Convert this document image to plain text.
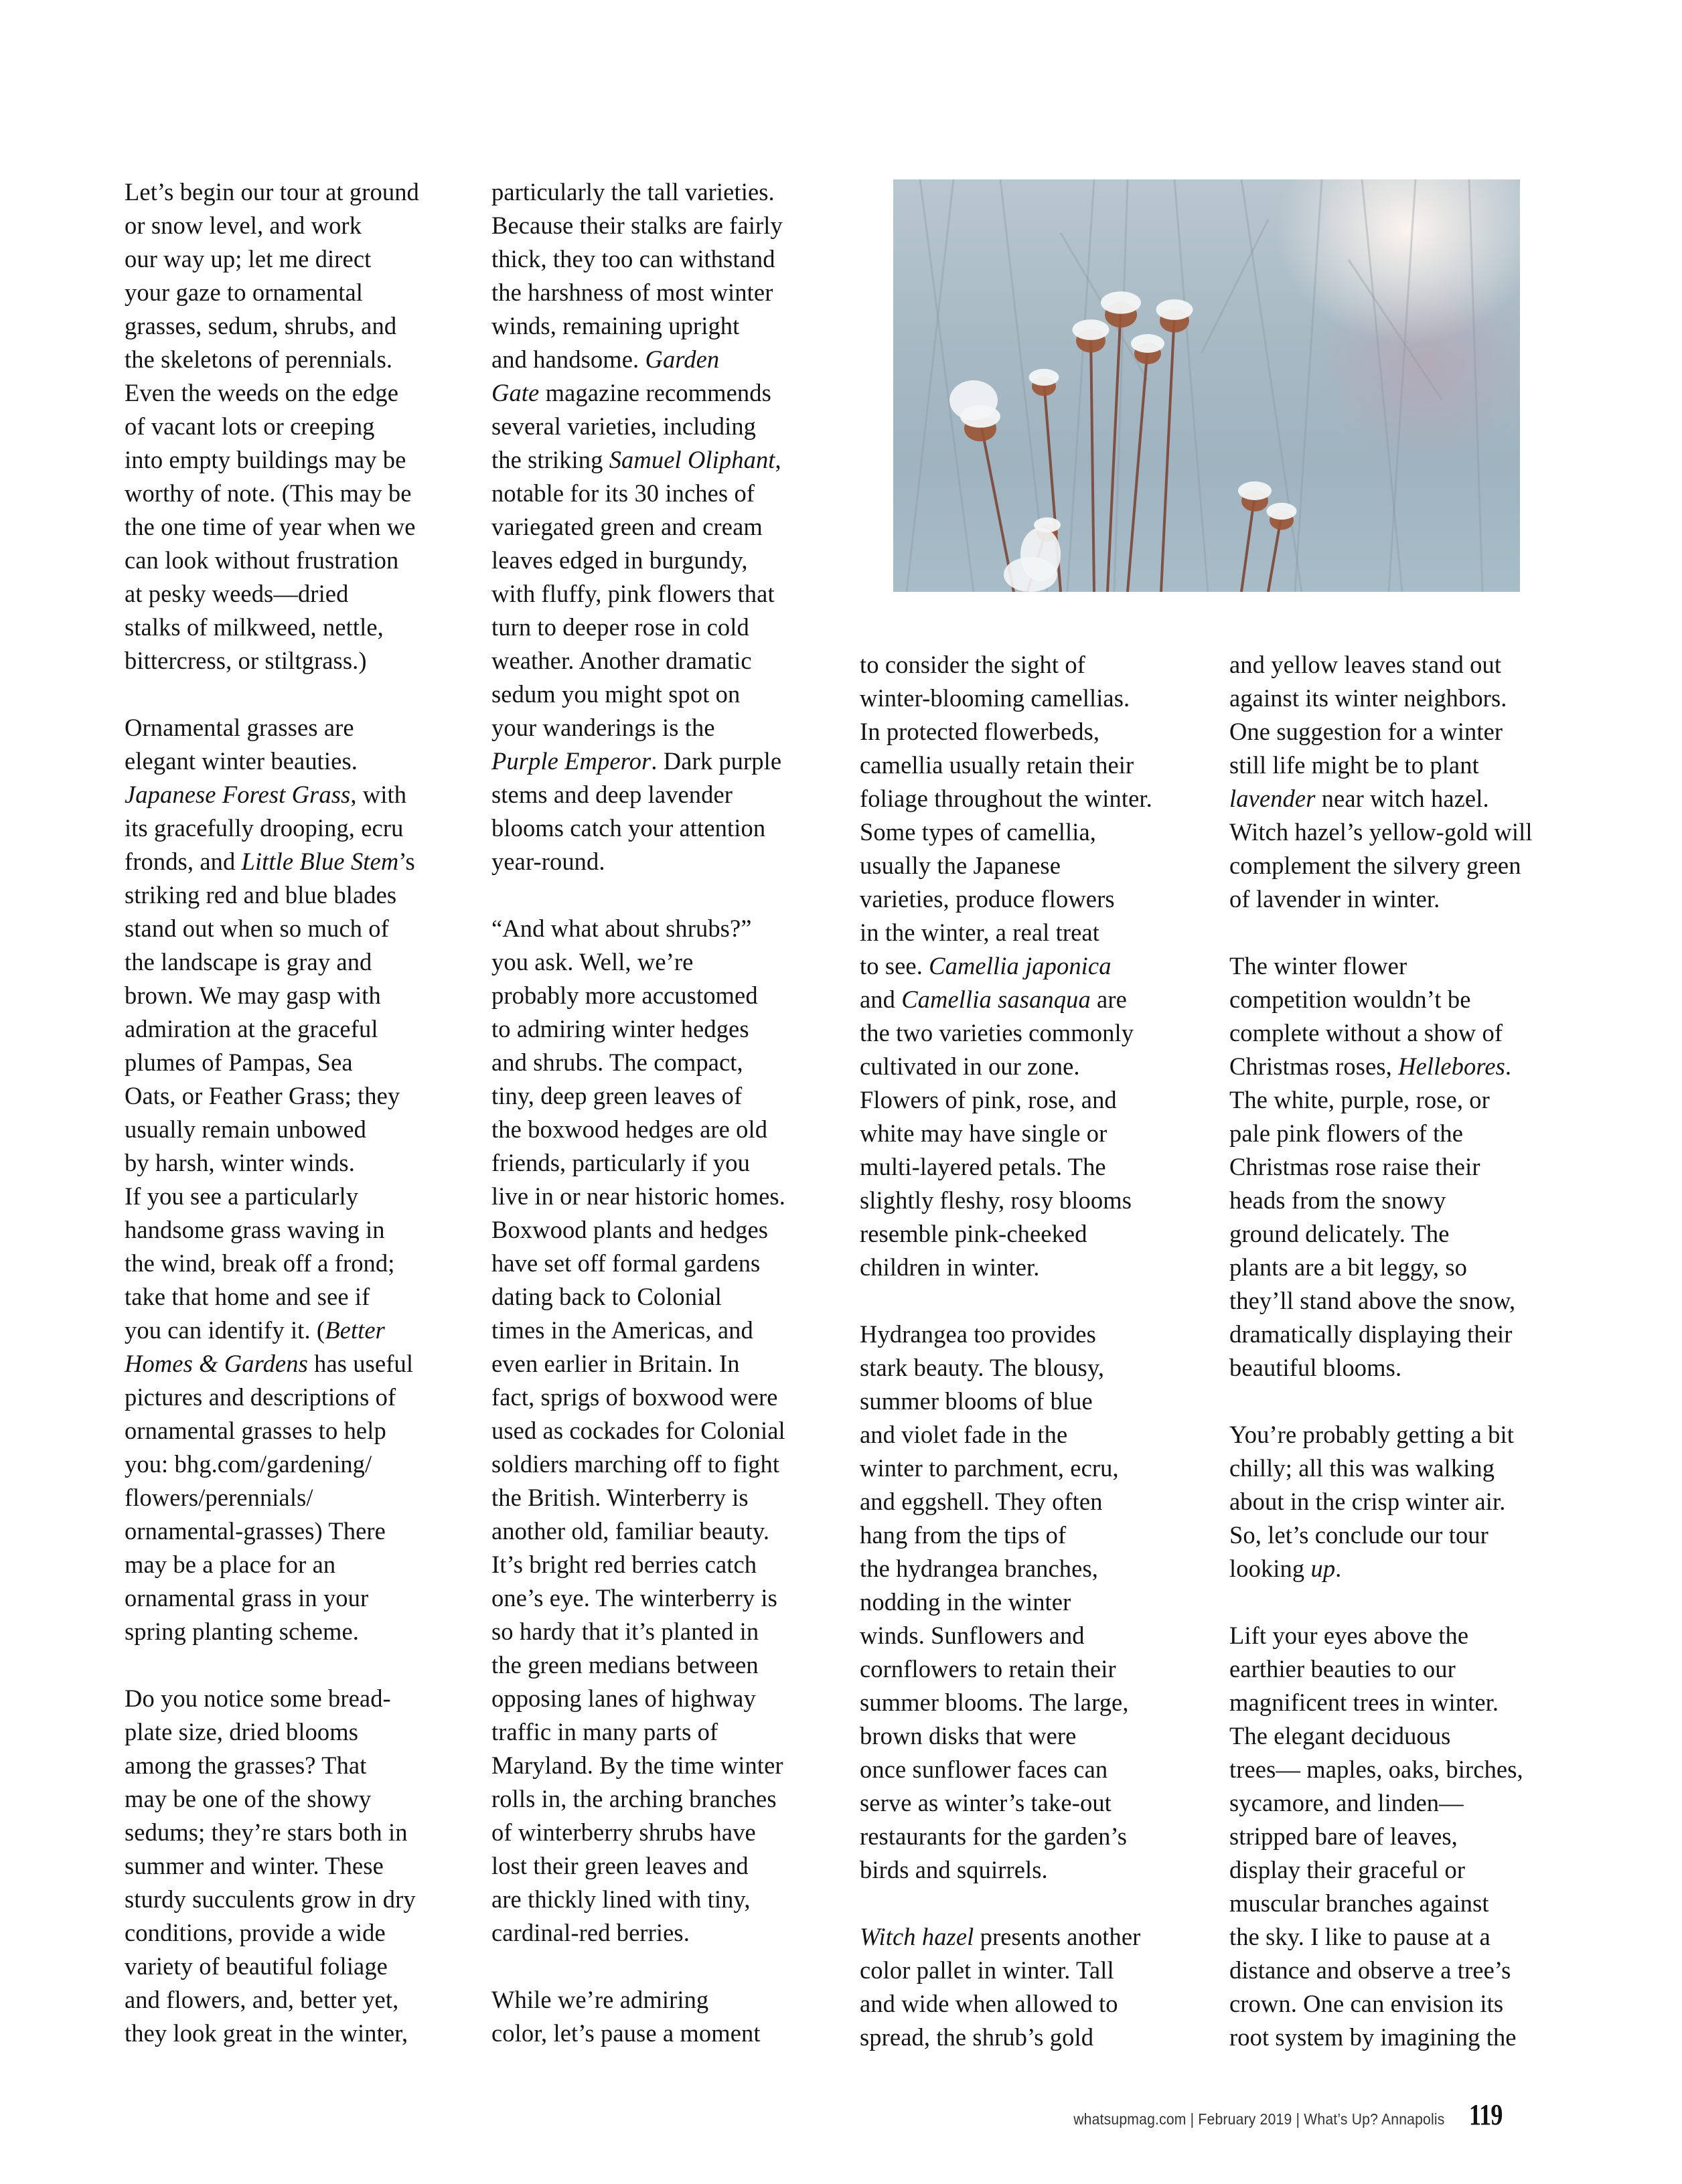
Let’s begin our tour at ground
or snow level, and work
our way up; let me direct
your gaze to ornamental
grasses, sedum, shrubs, and
the skeletons of perennials.
Even the weeds on the edge
of vacant lots or creeping
into empty buildings may be
worthy of note. (This may be
the one time of year when we
can look without frustration
at pesky weeds—dried
stalks of milkweed, nettle,
bittercress, or stiltgrass.)

Ornamental grasses are
elegant winter beauties.
Japanese Forest Grass, with
its gracefully drooping, ecru
fronds, and Little Blue Stem’s
striking red and blue blades
stand out when so much of
the landscape is gray and
brown. We may gasp with
admiration at the graceful
plumes of Pampas, Sea
Oats, or Feather Grass; they
usually remain unbowed
by harsh, winter winds.
If you see a particularly
handsome grass waving in
the wind, break off a frond;
take that home and see if
you can identify it. (Better
Homes & Gardens has useful
pictures and descriptions of
ornamental grasses to help
you: bhg.com/gardening/
flowers/perennials/
ornamental-grasses) There
may be a place for an
ornamental grass in your
spring planting scheme.

Do you notice some bread-
plate size, dried blooms
among the grasses? That
may be one of the showy
sedums; they’re stars both in
summer and winter. These
sturdy succulents grow in dry
conditions, provide a wide
variety of beautiful foliage
and flowers, and, better yet,
they look great in the winter,
particularly the tall varieties.
Because their stalks are fairly
thick, they too can withstand
the harshness of most winter
winds, remaining upright
and handsome. Garden
Gate magazine recommends
several varieties, including
the striking Samuel Oliphant,
notable for its 30 inches of
variegated green and cream
leaves edged in burgundy,
with fluffy, pink flowers that
turn to deeper rose in cold
weather. Another dramatic
sedum you might spot on
your wanderings is the
Purple Emperor. Dark purple
stems and deep lavender
blooms catch your attention
year-round.

“And what about shrubs?”
you ask. Well, we’re
probably more accustomed
to admiring winter hedges
and shrubs. The compact,
tiny, deep green leaves of
the boxwood hedges are old
friends, particularly if you
live in or near historic homes.
Boxwood plants and hedges
have set off formal gardens
dating back to Colonial
times in the Americas, and
even earlier in Britain. In
fact, sprigs of boxwood were
used as cockades for Colonial
soldiers marching off to fight
the British. Winterberry is
another old, familiar beauty.
It’s bright red berries catch
one’s eye. The winterberry is
so hardy that it’s planted in
the green medians between
opposing lanes of highway
traffic in many parts of
Maryland. By the time winter
rolls in, the arching branches
of winterberry shrubs have
lost their green leaves and
are thickly lined with tiny,
cardinal-red berries.

While we’re admiring
color, let’s pause a moment
to consider the sight of
winter-blooming camellias.
In protected flowerbeds,
camellia usually retain their
foliage throughout the winter.
Some types of camellia,
usually the Japanese
varieties, produce flowers
in the winter, a real treat
to see. Camellia japonica
and Camellia sasanqua are
the two varieties commonly
cultivated in our zone.
Flowers of pink, rose, and
white may have single or
multi-layered petals. The
slightly fleshy, rosy blooms
resemble pink-cheeked
children in winter.

Hydrangea too provides
stark beauty. The blousy,
summer blooms of blue
and violet fade in the
winter to parchment, ecru,
and eggshell. They often
hang from the tips of
the hydrangea branches,
nodding in the winter
winds. Sunflowers and
cornflowers to retain their
summer blooms. The large,
brown disks that were
once sunflower faces can
serve as winter’s take-out
restaurants for the garden’s
birds and squirrels.

Witch hazel presents another
color pallet in winter. Tall
and wide when allowed to
spread, the shrub’s gold
and yellow leaves stand out
against its winter neighbors.
One suggestion for a winter
still life might be to plant
lavender near witch hazel.
Witch hazel’s yellow-gold will
complement the silvery green
of lavender in winter.

The winter flower
competition wouldn’t be
complete without a show of
Christmas roses, Hellebores.
The white, purple, rose, or
pale pink flowers of the
Christmas rose raise their
heads from the snowy
ground delicately. The
plants are a bit leggy, so
they’ll stand above the snow,
dramatically displaying their
beautiful blooms.

You’re probably getting a bit
chilly; all this was walking
about in the crisp winter air.
So, let’s conclude our tour
looking up.

Lift your eyes above the
earthier beauties to our
magnificent trees in winter.
The elegant deciduous
trees— maples, oaks, birches,
sycamore, and linden—
stripped bare of leaves,
display their graceful or
muscular branches against
the sky. I like to pause at a
distance and observe a tree’s
crown. One can envision its
root system by imagining the
whatsupmag.com | February 2019 | What’s Up? Annapolis 119
